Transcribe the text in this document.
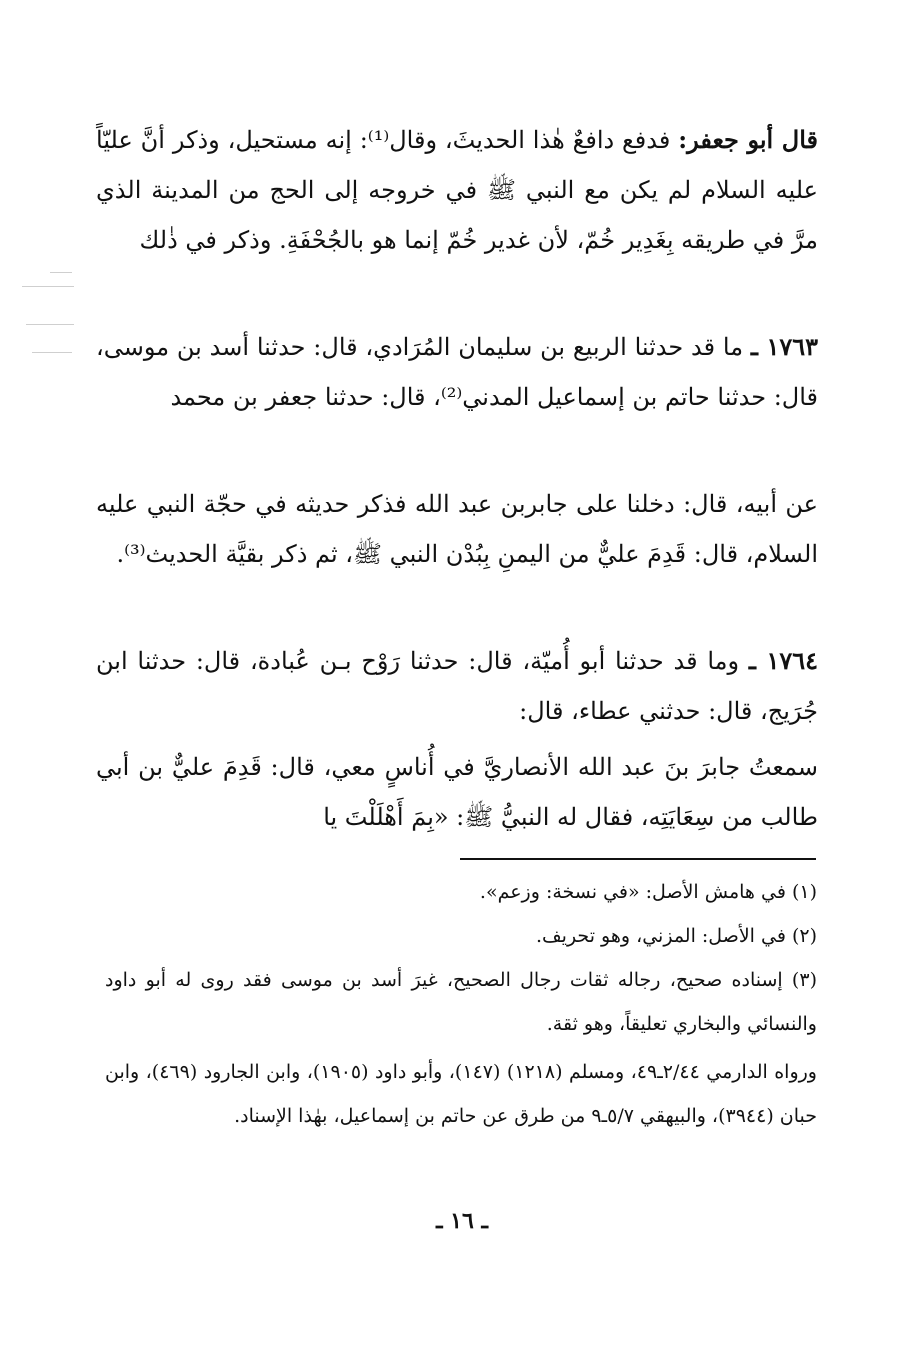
قال أبو جعفر: فدفع دافعٌ هٰذا الحديثَ، وقال⁽¹⁾: إنه مستحيل، وذكر أنَّ عليّاً عليه السلام لم يكن مع النبي ﷺ في خروجه إلى الحج من المدينة الذي مرَّ في طريقه بِغَدِير خُمّ، لأن غدير خُمّ إنما هو بالجُحْفَةِ. وذكر في ذٰلك

١٧٦٣ ـ ما قد حدثنا الربيع بن سليمان المُرَادي، قال: حدثنا أسد بن موسى، قال: حدثنا حاتم بن إسماعيل المدني⁽²⁾، قال: حدثنا جعفر بن محمد

عن أبيه، قال: دخلنا على جابربن عبد الله فذكر حديثه في حجّة النبي عليه السلام، قال: قَدِمَ عليٌّ من اليمنِ بِبُدْن النبي ﷺ، ثم ذكر بقيَّة الحديث⁽³⁾.

١٧٦٤ ـ وما قد حدثنا أبو أُميّة، قال: حدثنا رَوْح بـن عُبادة، قال: حدثنا ابن جُرَيج، قال: حدثني عطاء، قال:

سمعتُ جابرَ بنَ عبد الله الأنصاريَّ في أُناسٍ معي، قال: قَدِمَ عليٌّ بن أبي طالب من سِعَايَتِه، فقال له النبيُّ ﷺ: «بِمَ أَهْلَلْتَ يا

(١) في هامش الأصل: «في نسخة: وزعم».

(٢) في الأصل: المزني، وهو تحريف.

(٣) إسناده صحيح، رجاله ثقات رجال الصحيح، غيرَ أسد بن موسى فقد روى له أبو داود والنسائي والبخاري تعليقاً، وهو ثقة.

ورواه الدارمي ٢/٤٤ـ٤٩، ومسلم (١٢١٨) (١٤٧)، وأبو داود (١٩٠٥)، وابن الجارود (٤٦٩)، وابن حبان (٣٩٤٤)، والبيهقي ٥/٧ـ٩ من طرق عن حاتم بن إسماعيل، بهٰذا الإسناد.

ـ ١٦ ـ
